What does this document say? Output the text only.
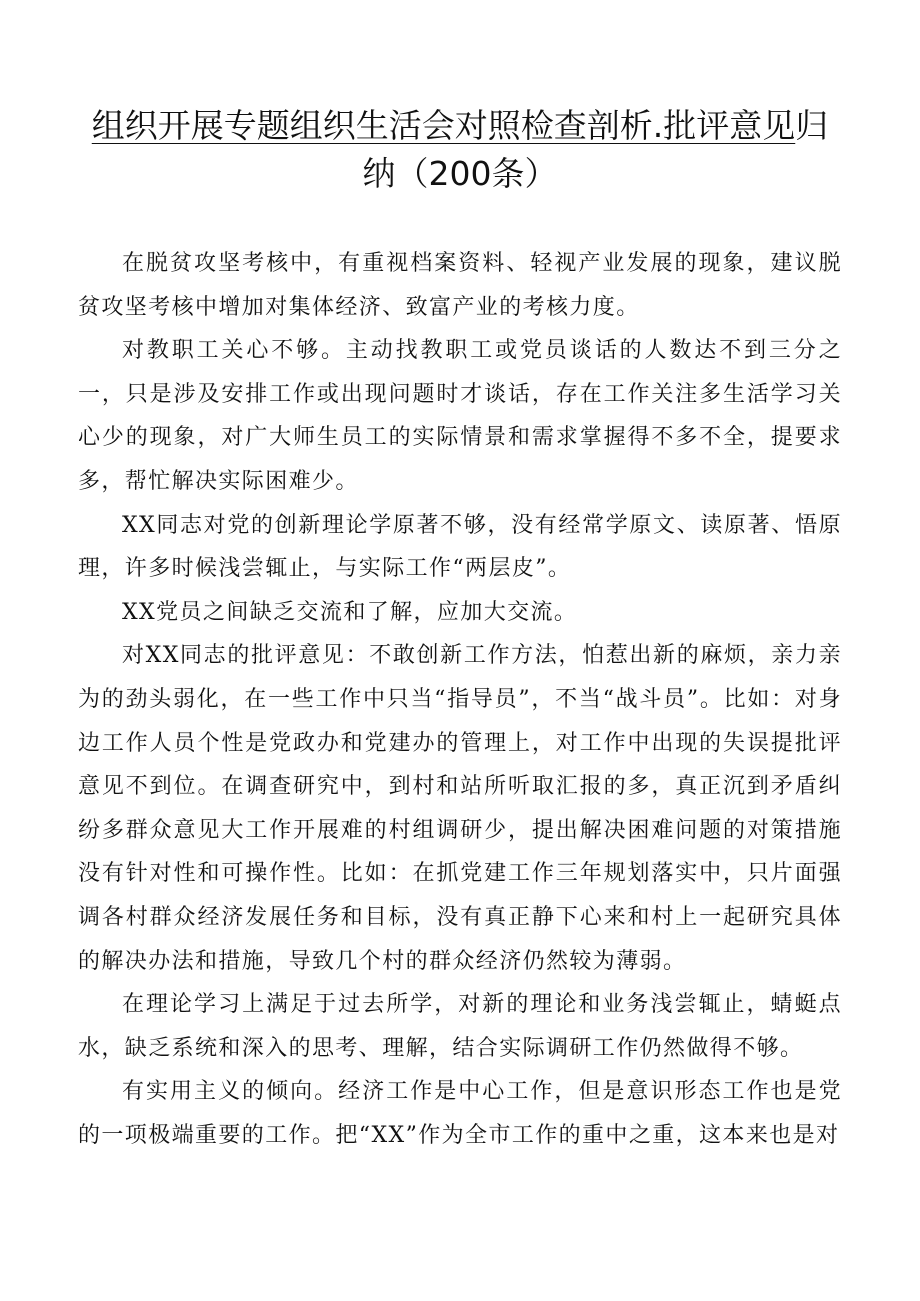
组织开展专题组织生活会对照检查剖析.批评意见归
纳（200条）

在脱贫攻坚考核中，有重视档案资料、轻视产业发展的现象，建议脱贫攻坚考核中增加对集体经济、致富产业的考核力度。

对教职工关心不够。主动找教职工或党员谈话的人数达不到三分之一，只是涉及安排工作或出现问题时才谈话，存在工作关注多生活学习关心少的现象，对广大师生员工的实际情景和需求掌握得不多不全，提要求多，帮忙解决实际困难少。

XX同志对党的创新理论学原著不够，没有经常学原文、读原著、悟原理，许多时候浅尝辄止，与实际工作“两层皮”。

XX党员之间缺乏交流和了解，应加大交流。

对XX同志的批评意见：不敢创新工作方法，怕惹出新的麻烦，亲力亲为的劲头弱化，在一些工作中只当“指导员”，不当“战斗员”。比如：对身边工作人员个性是党政办和党建办的管理上，对工作中出现的失误提批评意见不到位。在调查研究中，到村和站所听取汇报的多，真正沉到矛盾纠纷多群众意见大工作开展难的村组调研少，提出解决困难问题的对策措施没有针对性和可操作性。比如：在抓党建工作三年规划落实中，只片面强调各村群众经济发展任务和目标，没有真正静下心来和村上一起研究具体的解决办法和措施，导致几个村的群众经济仍然较为薄弱。

在理论学习上满足于过去所学，对新的理论和业务浅尝辄止，蜻蜓点水，缺乏系统和深入的思考、理解，结合实际调研工作仍然做得不够。

有实用主义的倾向。经济工作是中心工作，但是意识形态工作也是党的一项极端重要的工作。把“XX”作为全市工作的重中之重，这本来也是对
